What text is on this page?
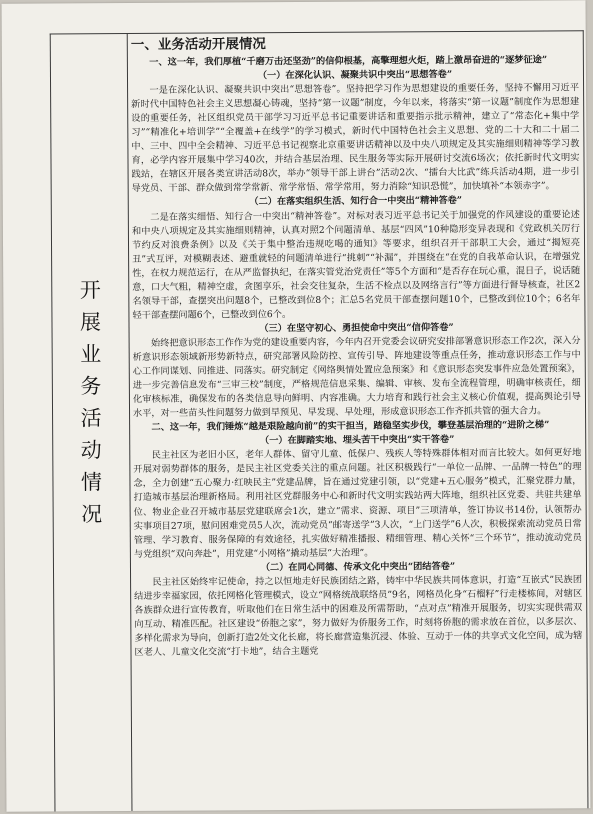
开
展
业
务
活
动
情
况

一、业务活动开展情况

一、这一年，我们厚植“千磨万击还坚劲”的信仰根基，高擎理想火炬，踏上激昂奋进的“逐梦征途”

（一）在深化认识、凝聚共识中突出“思想答卷”

一是在深化认识、凝聚共识中突出“思想答卷”。坚持把学习作为思想建设的重要任务，坚持不懈用习近平新时代中国特色社会主义思想凝心铸魂，坚持“第一议题”制度，今年以来，将落实“第一议题”制度作为思想建设的重要任务，社区组织党员干部学习习近平总书记重要讲话和重要指示批示精神，建立了“常态化+集中学习”“精准化+培训学”“全覆盖+在线学”的学习模式，新时代中国特色社会主义思想、党的二十大和二十届二中、三中、四中全会精神、习近平总书记视察北京重要讲话精神以及中央八项规定及其实施细则精神等学习教育，必学内容开展集中学习40次，并结合基层治理、民生服务等实际开展研讨交流6场次；依托新时代文明实践站，在辖区开展各类宣讲活动8次，举办“领导干部上讲台”活动2次、“擂台大比武”练兵活动4期，进一步引导党员、干部、群众做到常学常新、常学常悟、常学常用，努力消除“知识恐慌”，加快填补“本领赤字”。

（二）在落实组织生活、知行合一中突出“精神答卷”

二是在落实细悟、知行合一中突出“精神答卷”。对标对表习近平总书记关于加强党的作风建设的重要论述和中央八项规定及其实施细则精神，认真对照2个问题清单、基层“四风”10种隐形变异表现和《党政机关厉行节约反对浪费条例》以及《关于集中整治违规吃喝的通知》等要求，组织召开干部职工大会，通过“揭短亮丑”式互评，对模糊表述、避重就轻的问题清单进行“挑刺”“补漏”，并围绕在“在党的自我革命认识，在增强党性，在权力规范运行，在从严监督执纪，在落实管党治党责任”等5个方面和“是否存在玩心重，混日子，说话随意，口大气粗，精神空虚，贪图享乐，社会交往复杂，生活不检点以及网络言行”等方面进行督导核查，社区2名领导干部，查摆突出问题8个，已整改到位8个；汇总5名党员干部查摆问题10个，已整改到位10个；6名年轻干部查摆问题6个，已整改到位6个。

（三）在坚守初心、勇担使命中突出“信仰答卷”

始终把意识形态工作作为党的建设重要内容，今年内召开党委会议研究安排部署意识形态工作2次，深入分析意识形态领域新形势新特点，研究部署风险防控、宣传引导、阵地建设等重点任务，推动意识形态工作与中心工作同谋划、同推进、同落实。研究制定《网络舆情处置应急预案》和《意识形态突发事件应急处置预案》，进一步完善信息发布“三审三校”制度，严格规范信息采集、编辑、审核、发布全流程管理，明确审核责任，细化审核标准，确保发布的各类信息导向鲜明、内容准确。大力培育和践行社会主义核心价值观，提高舆论引导水平，对一些苗头性问题努力做到早预见、早发现、早处理，形成意识形态工作齐抓共管的强大合力。

二、这一年，我们锤炼“越是艰险越向前”的实干担当，踏稳坚实步伐，攀登基层治理的“进阶之梯”

（一）在脚踏实地、埋头苦干中突出“实干答卷”

民主社区为老旧小区，老年人群体、留守儿童、低保户、残疾人等特殊群体相对而言比较大。如何更好地开展对弱势群体的服务，是民主社区党委关注的重点问题。社区积极践行“一单位一品牌、一品牌一特色”的理念，全力创建“五心聚力·红映民主”党建品牌，旨在通过党建引领，以“党建+五心服务”模式，汇聚党群力量，打造城市基层治理新格局。利用社区党群服务中心和新时代文明实践站两大阵地，组织社区党委、共驻共建单位、物业企业召开城市基层党建联席会1次，建立“需求、资源、项目”三项清单，签订协议书14份，认领帮办实事项目27项，慰问困难党员5人次，流动党员“邮寄送学”3人次，“上门送学”6人次，积极探索流动党员日常管理、学习教育、服务保障的有效途径，扎实做好精准播报、精细管理、精心关怀“三个环节”，推动流动党员与党组织“双向奔赴”，用党建“小网格”撬动基层“大治理”。

（二）在同心同德、传承文化中突出“团结答卷”

民主社区始终牢记使命，持之以恒地走好民族团结之路，铸牢中华民族共同体意识，打造“互嵌式”民族团结进步幸福家园，依托网格化管理模式，设立“网格统战联络员”9名，网格员化身“石榴籽”行走楼栋间，对辖区各族群众进行宣传教育，听取他们在日常生活中的困难及所需帮助，“点对点”精准开展服务，切实实现供需双向互动、精准匹配。社区建设“侨胞之家”，努力做好为侨服务工作，时刻将侨胞的需求放在首位，以多层次、多样化需求为导向，创新打造2处文化长廊，将长廊营造集沉浸、体验、互动于一体的共享式文化空间，成为辖区老人、儿童文化交流“打卡地”，结合主题党
